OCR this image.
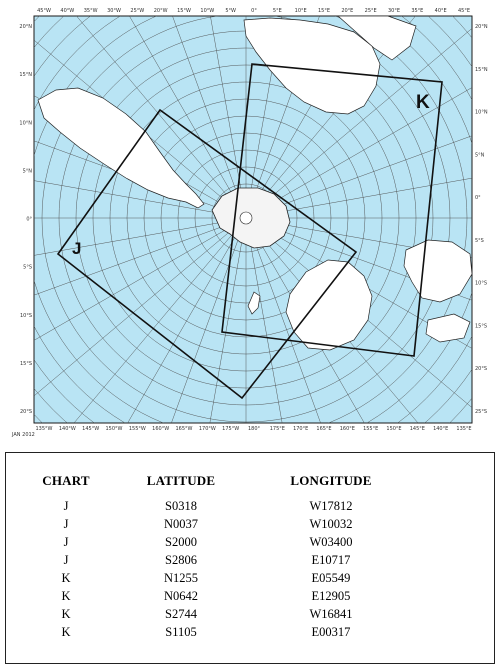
J
K
45°W 40°W 35°W 30°W 25°W 20°W 15°W 10°W 5°W	0°	5°E	10°E 15°E 20°E 25°E 30°E 35°E 40°E 45°E
135°W 140°W 145°W 150°W 155°W 160°W 165°W 170°W 175°W 180° 175°E 170°E 165°E 160°E 155°E 150°E 145°E 140°E 135°E
20°N
15°N
10°N
5°N
0°
5°S
10°S
15°S
20°S
20°N
15°N
10°N
5°N
0°
5°S
10°S
15°S
20°S
25°S
JAN 2012
CHART	LATITUDE	LONGITUDE
J	S0318	W17812
J	N0037	W10032
J	S2000	W03400
J	S2806	E10717
K	N1255	E05549
K	N0642	E12905
K	S2744	W16841
K	S1105	E00317
